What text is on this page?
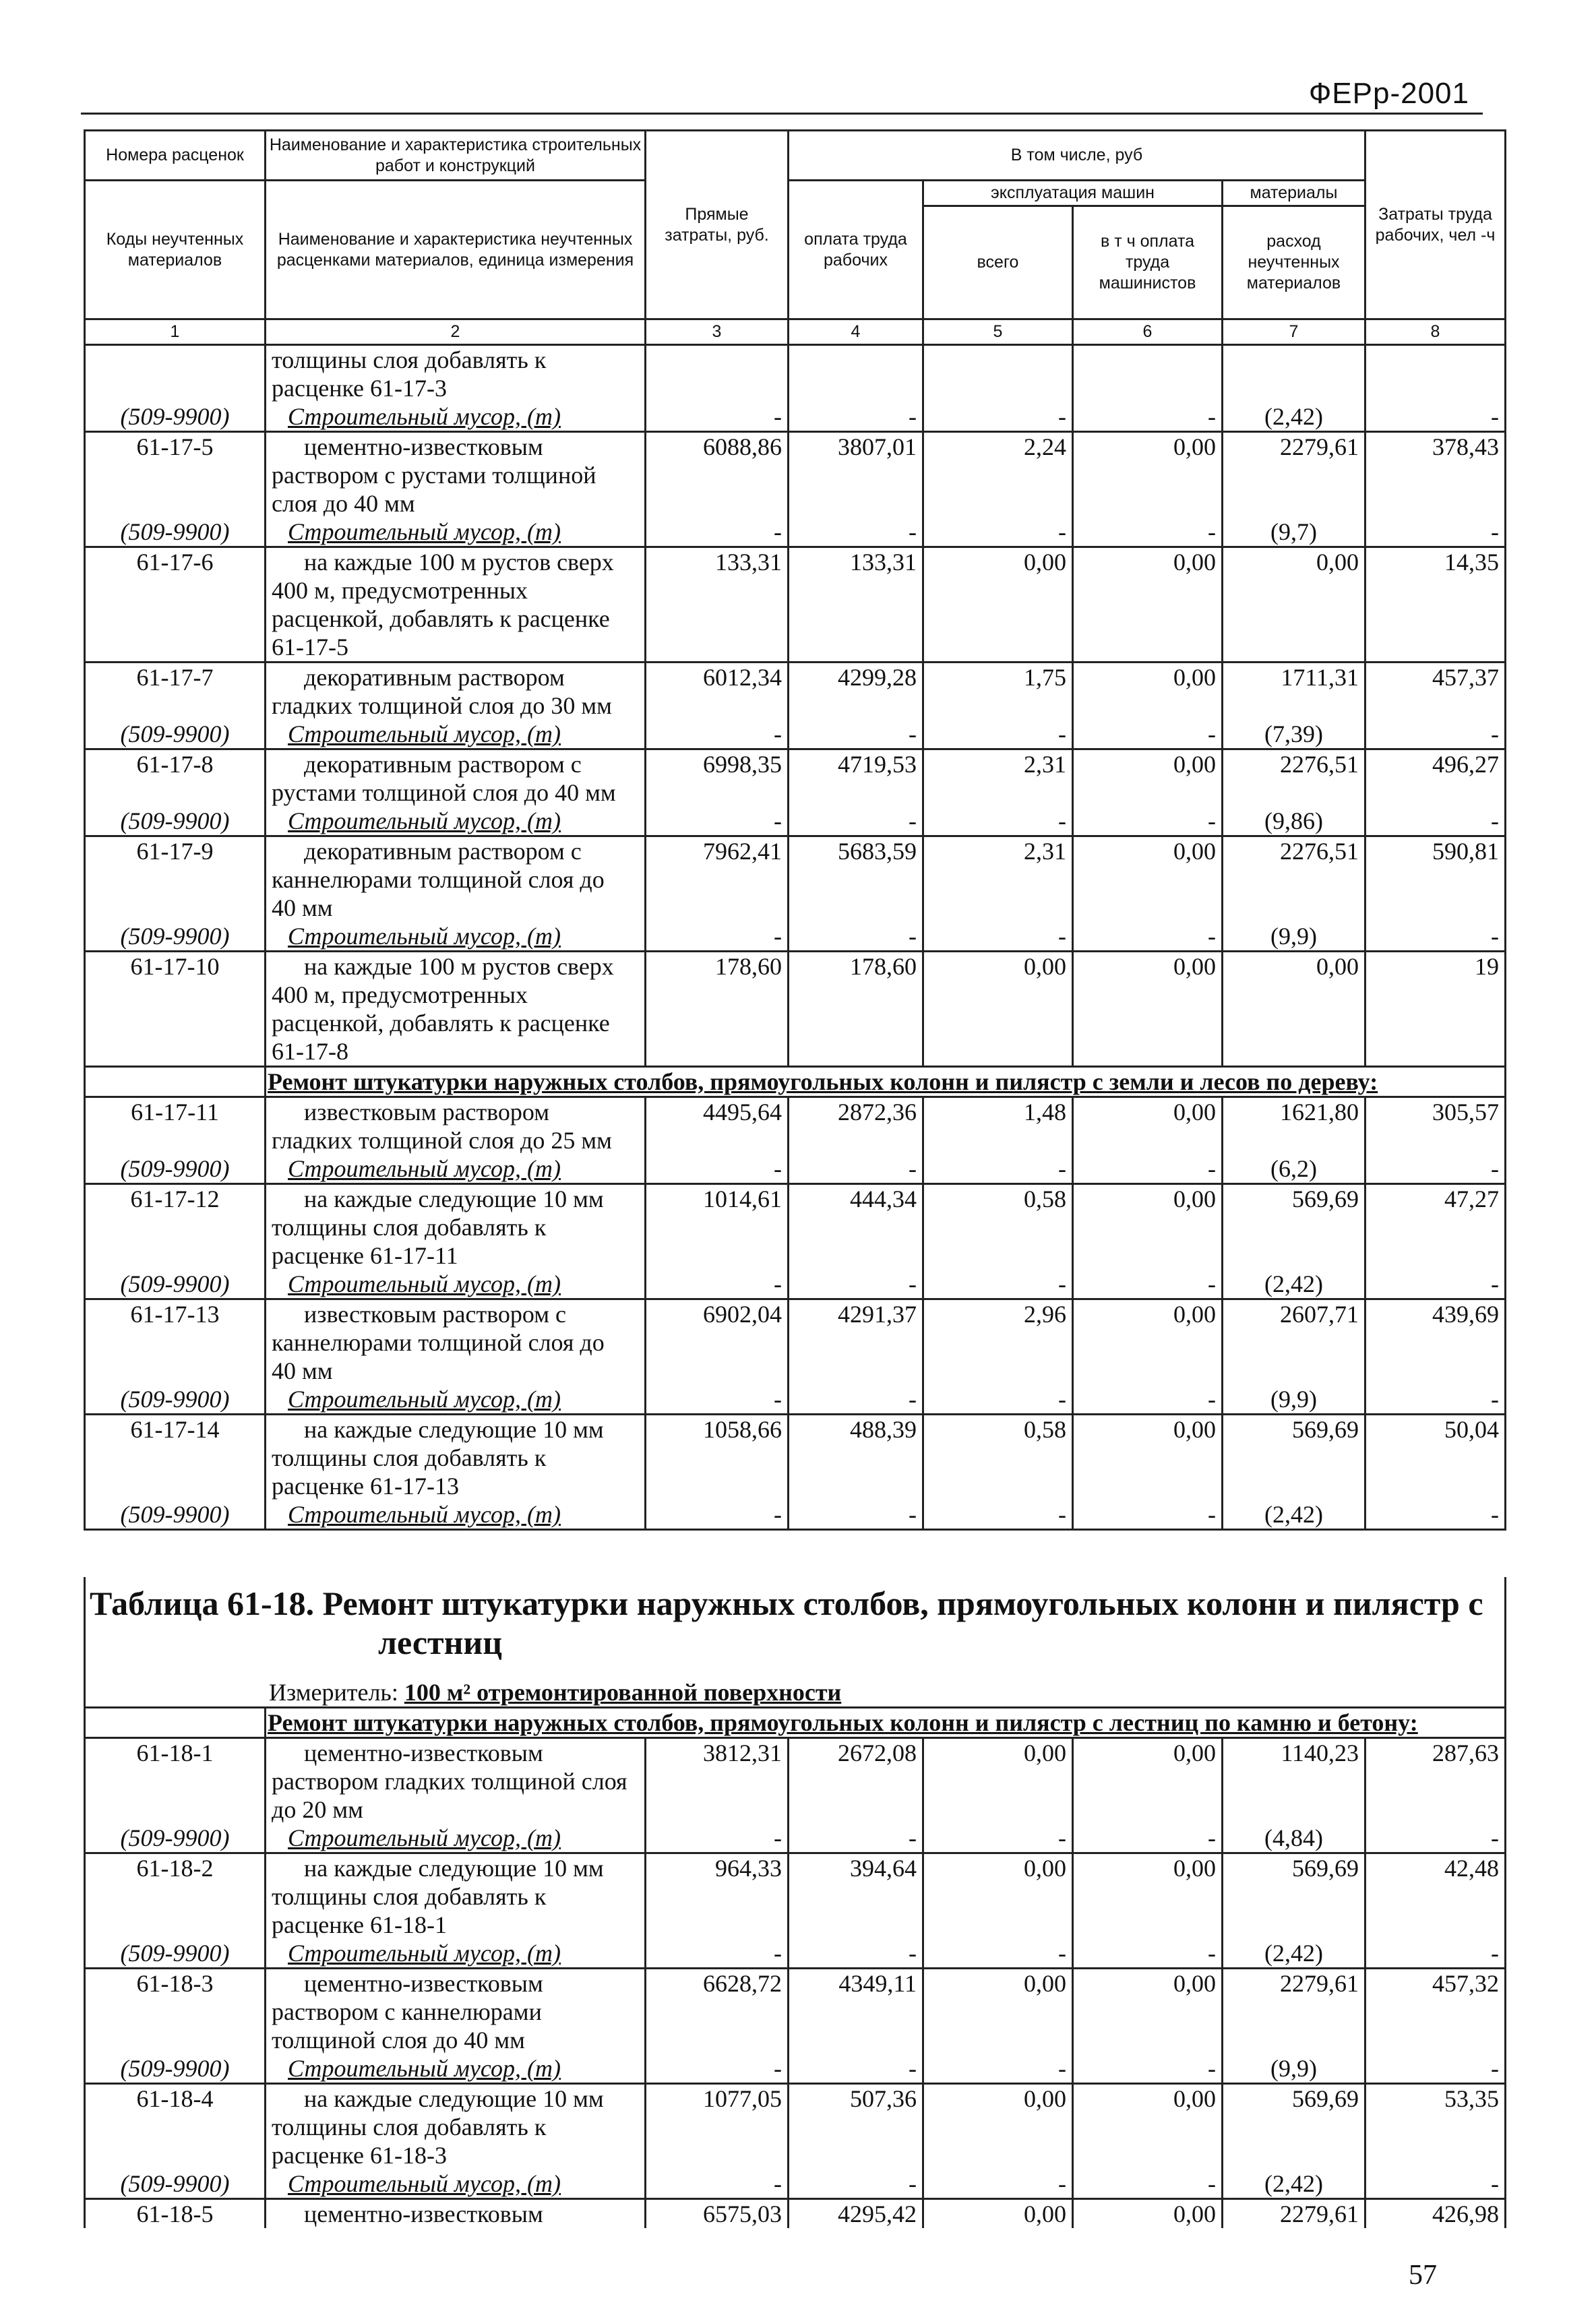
ФЕРр-2001
Номера расценок	Наименование и характеристика строительных работ и конструкций	Прямые затраты, руб.	В том числе, руб				Затраты труда рабочих, чел -ч
Коды неучтенных материалов	Наименование и характеристика неучтенных расценками материалов, единица измерения		оплата труда рабочих	эксплуатация машин		материалы	
				всего	в т ч оплата труда машинистов	расход неучтенных материалов	
1	2	3	4	5	6	7	8

	толщины слоя добавлять к
расценке 61-17-3						

(509-9900)	Строительный мусор, (т)	-	-	-	-	(2,42)	-
61-17-5	цементно-известковым
раствором с рустами толщиной
слоя до 40 мм	6088,86	3807,01	2,24	0,00	2279,61	378,43
(509-9900)	Строительный мусор, (т)	-	-	-	-	(9,7)	-
61-17-6	на каждые 100 м рустов сверх
400 м, предусмотренных
расценкой, добавлять к расценке
61-17-5	133,31	133,31	0,00	0,00	0,00	14,35
61-17-7	декоративным раствором
гладких толщиной слоя до 30 мм	6012,34	4299,28	1,75	0,00	1711,31	457,37
(509-9900)	Строительный мусор, (т)	-	-	-	-	(7,39)	-
61-17-8	декоративным раствором с
рустами толщиной слоя до 40 мм	6998,35	4719,53	2,31	0,00	2276,51	496,27
(509-9900)	Строительный мусор, (т)	-	-	-	-	(9,86)	-
61-17-9	декоративным раствором с
каннелюрами толщиной слоя до
40 мм	7962,41	5683,59	2,31	0,00	2276,51	590,81
(509-9900)	Строительный мусор, (т)	-	-	-	-	(9,9)	-
61-17-10	на каждые 100 м рустов сверх
400 м, предусмотренных
расценкой, добавлять к расценке
61-17-8	178,60	178,60	0,00	0,00	0,00	19
	Ремонт штукатурки наружных столбов, прямоугольных колонн и пилястр с земли и лесов по дереву:						
61-17-11	известковым раствором
гладких толщиной слоя до 25 мм	4495,64	2872,36	1,48	0,00	1621,80	305,57
(509-9900)	Строительный мусор, (т)	-	-	-	-	(6,2)	-
61-17-12	на каждые следующие 10 мм
толщины слоя добавлять к
расценке 61-17-11	1014,61	444,34	0,58	0,00	569,69	47,27
(509-9900)	Строительный мусор, (т)	-	-	-	-	(2,42)	-
61-17-13	известковым раствором с
каннелюрами толщиной слоя до
40 мм	6902,04	4291,37	2,96	0,00	2607,71	439,69
(509-9900)	Строительный мусор, (т)	-	-	-	-	(9,9)	-
61-17-14	на каждые следующие 10 мм
толщины слоя добавлять к
расценке 61-17-13	1058,66	488,39	0,58	0,00	569,69	50,04
(509-9900)	Строительный мусор, (т)	-	-	-	-	(2,42)	-

Таблица 61-18. Ремонт штукатурки наружных столбов, прямоугольных колонн и пилястр с
лестниц							

Измеритель: 100 м² отремонтированной поверхности							
	Ремонт штукатурки наружных столбов, прямоугольных колонн и пилястр с лестниц по камню и бетону:						
61-18-1	цементно-известковым
раствором гладких толщиной слоя
до 20 мм	3812,31	2672,08	0,00	0,00	1140,23	287,63
(509-9900)	Строительный мусор, (т)	-	-	-	-	(4,84)	-
61-18-2	на каждые следующие 10 мм
толщины слоя добавлять к
расценке 61-18-1	964,33	394,64	0,00	0,00	569,69	42,48
(509-9900)	Строительный мусор, (т)	-	-	-	-	(2,42)	-
61-18-3	цементно-известковым
раствором с каннелюрами
толщиной слоя до 40 мм	6628,72	4349,11	0,00	0,00	2279,61	457,32
(509-9900)	Строительный мусор, (т)	-	-	-	-	(9,9)	-
61-18-4	на каждые следующие 10 мм
толщины слоя добавлять к
расценке 61-18-3	1077,05	507,36	0,00	0,00	569,69	53,35
(509-9900)	Строительный мусор, (т)	-	-	-	-	(2,42)	-
61-18-5	цементно-известковым	6575,03	4295,42	0,00	0,00	2279,61	426,98
57
